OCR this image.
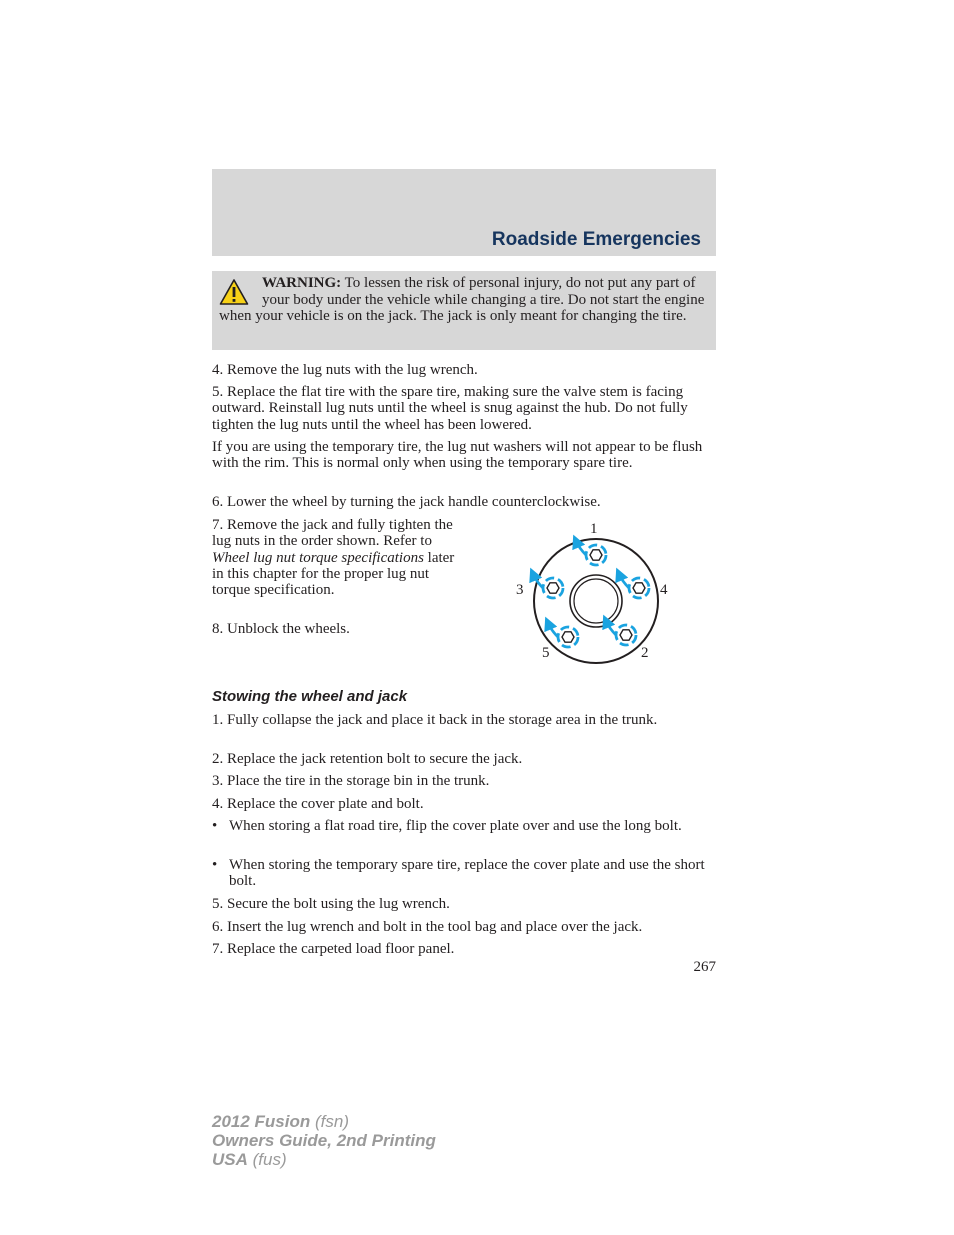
Roadside Emergencies
WARNING: To lessen the risk of personal injury, do not put any part of your body under the vehicle while changing a tire. Do not start the engine when your vehicle is on the jack. The jack is only meant for changing the tire.
4. Remove the lug nuts with the lug wrench.
5. Replace the flat tire with the spare tire, making sure the valve stem is facing outward. Reinstall lug nuts until the wheel is snug against the hub. Do not fully tighten the lug nuts until the wheel has been lowered.
If you are using the temporary tire, the lug nut washers will not appear to be flush with the rim. This is normal only when using the temporary spare tire.
6. Lower the wheel by turning the jack handle counterclockwise.
7. Remove the jack and fully tighten the lug nuts in the order shown. Refer to Wheel lug nut torque specifications later in this chapter for the proper lug nut torque specification.
8. Unblock the wheels.
1
4
3
2
5
Stowing the wheel and jack
1. Fully collapse the jack and place it back in the storage area in the trunk.
2. Replace the jack retention bolt to secure the jack.
3. Place the tire in the storage bin in the trunk.
4. Replace the cover plate and bolt.
• When storing a flat road tire, flip the cover plate over and use the long bolt.
• When storing the temporary spare tire, replace the cover plate and use the short bolt.
5. Secure the bolt using the lug wrench.
6. Insert the lug wrench and bolt in the tool bag and place over the jack.
7. Replace the carpeted load floor panel.
267
2012 Fusion (fsn)
Owners Guide, 2nd Printing
USA (fus)
